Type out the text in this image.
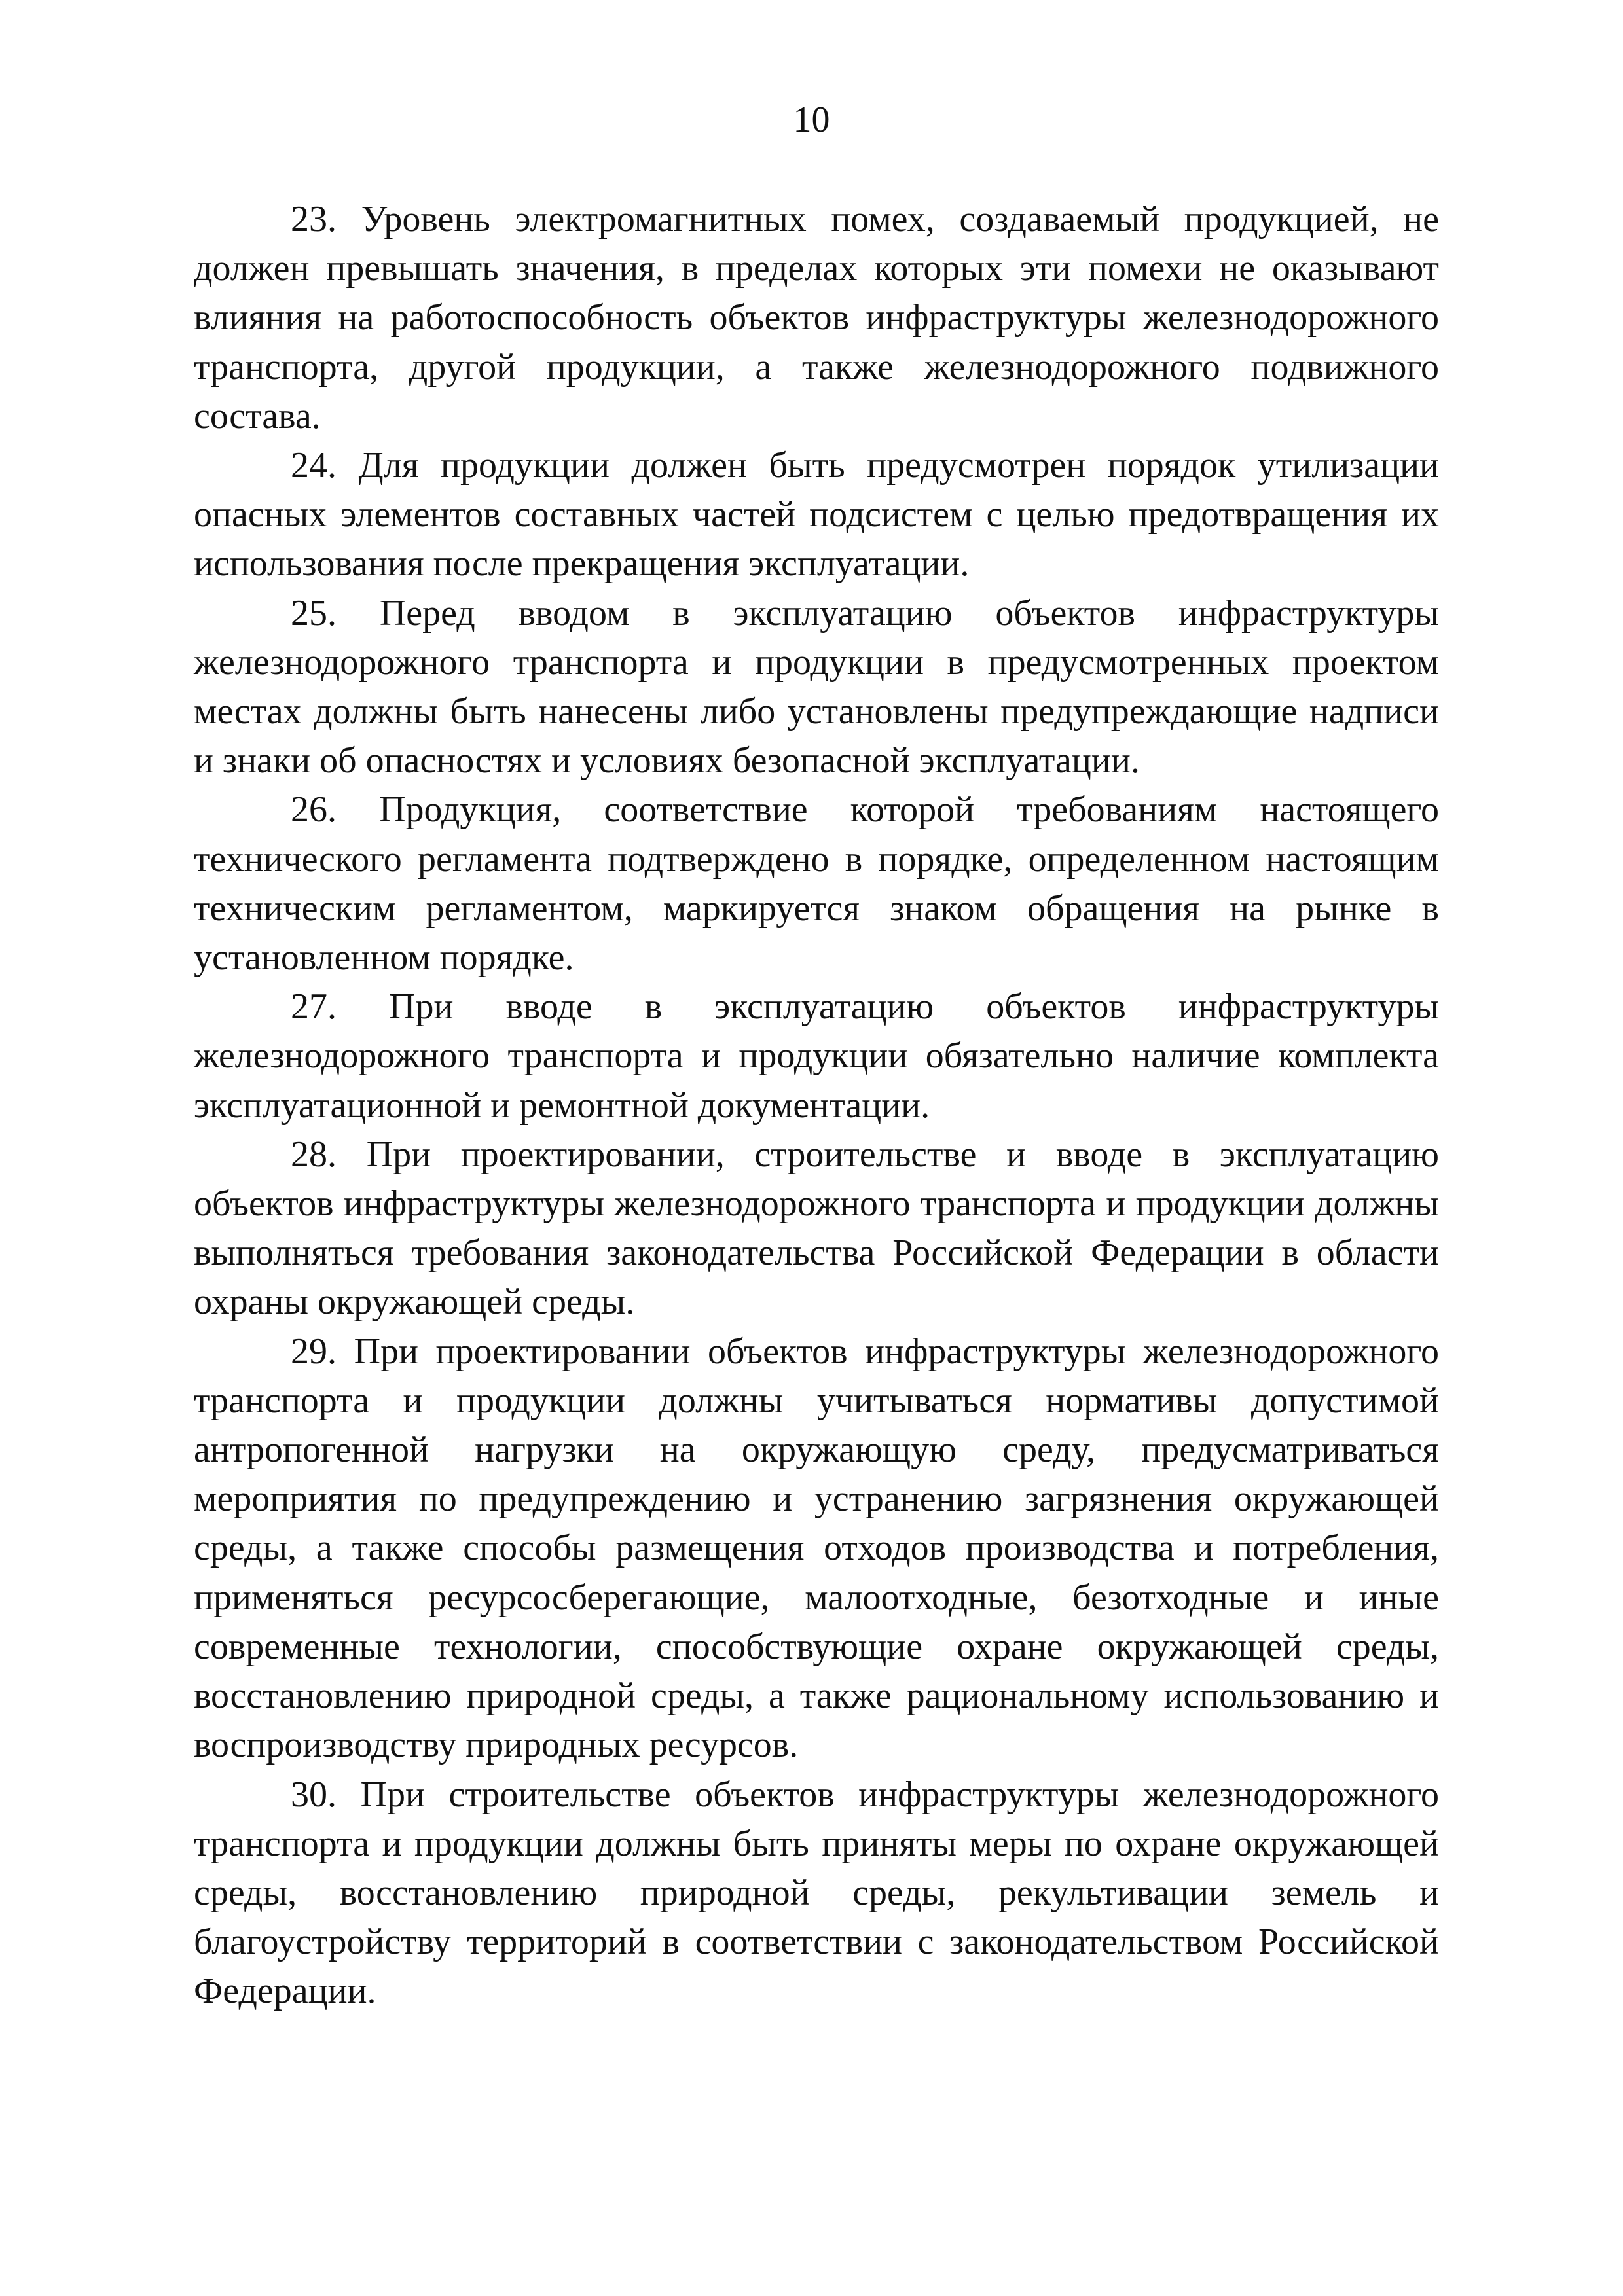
10

23. Уровень электромагнитных помех, создаваемый продукцией, не должен превышать значения, в пределах которых эти помехи не оказывают влияния на работоспособность объектов инфраструктуры железнодорожного транспорта, другой продукции, а также железнодорожного подвижного состава.

24. Для продукции должен быть предусмотрен порядок утилизации опасных элементов составных частей подсистем с целью предотвращения их использования после прекращения эксплуатации.

25. Перед вводом в эксплуатацию объектов инфраструктуры железнодорожного транспорта и продукции в предусмотренных проектом местах должны быть нанесены либо установлены предупреждающие надписи и знаки об опасностях и условиях безопасной эксплуатации.

26. Продукция, соответствие которой требованиям настоящего технического регламента подтверждено в порядке, определенном настоящим техническим регламентом, маркируется знаком обращения на рынке в установленном порядке.

27. При вводе в эксплуатацию объектов инфраструктуры железнодорожного транспорта и продукции обязательно наличие комплекта эксплуатационной и ремонтной документации.

28. При проектировании, строительстве и вводе в эксплуатацию объектов инфраструктуры железнодорожного транспорта и продукции должны выполняться требования законодательства Российской Федерации в области охраны окружающей среды.

29. При проектировании объектов инфраструктуры железнодорожного транспорта и продукции должны учитываться нормативы допустимой антропогенной нагрузки на окружающую среду, предусматриваться мероприятия по предупреждению и устранению загрязнения окружающей среды, а также способы размещения отходов производства и потребления, применяться ресурсосберегающие, малоотходные, безотходные и иные современные технологии, способствующие охране окружающей среды, восстановлению природной среды, а также рациональному использованию и воспроизводству природных ресурсов.

30. При строительстве объектов инфраструктуры железнодорожного транспорта и продукции должны быть приняты меры по охране окружающей среды, восстановлению природной среды, рекультивации земель и благоустройству территорий в соответствии с законодательством Российской Федерации.
